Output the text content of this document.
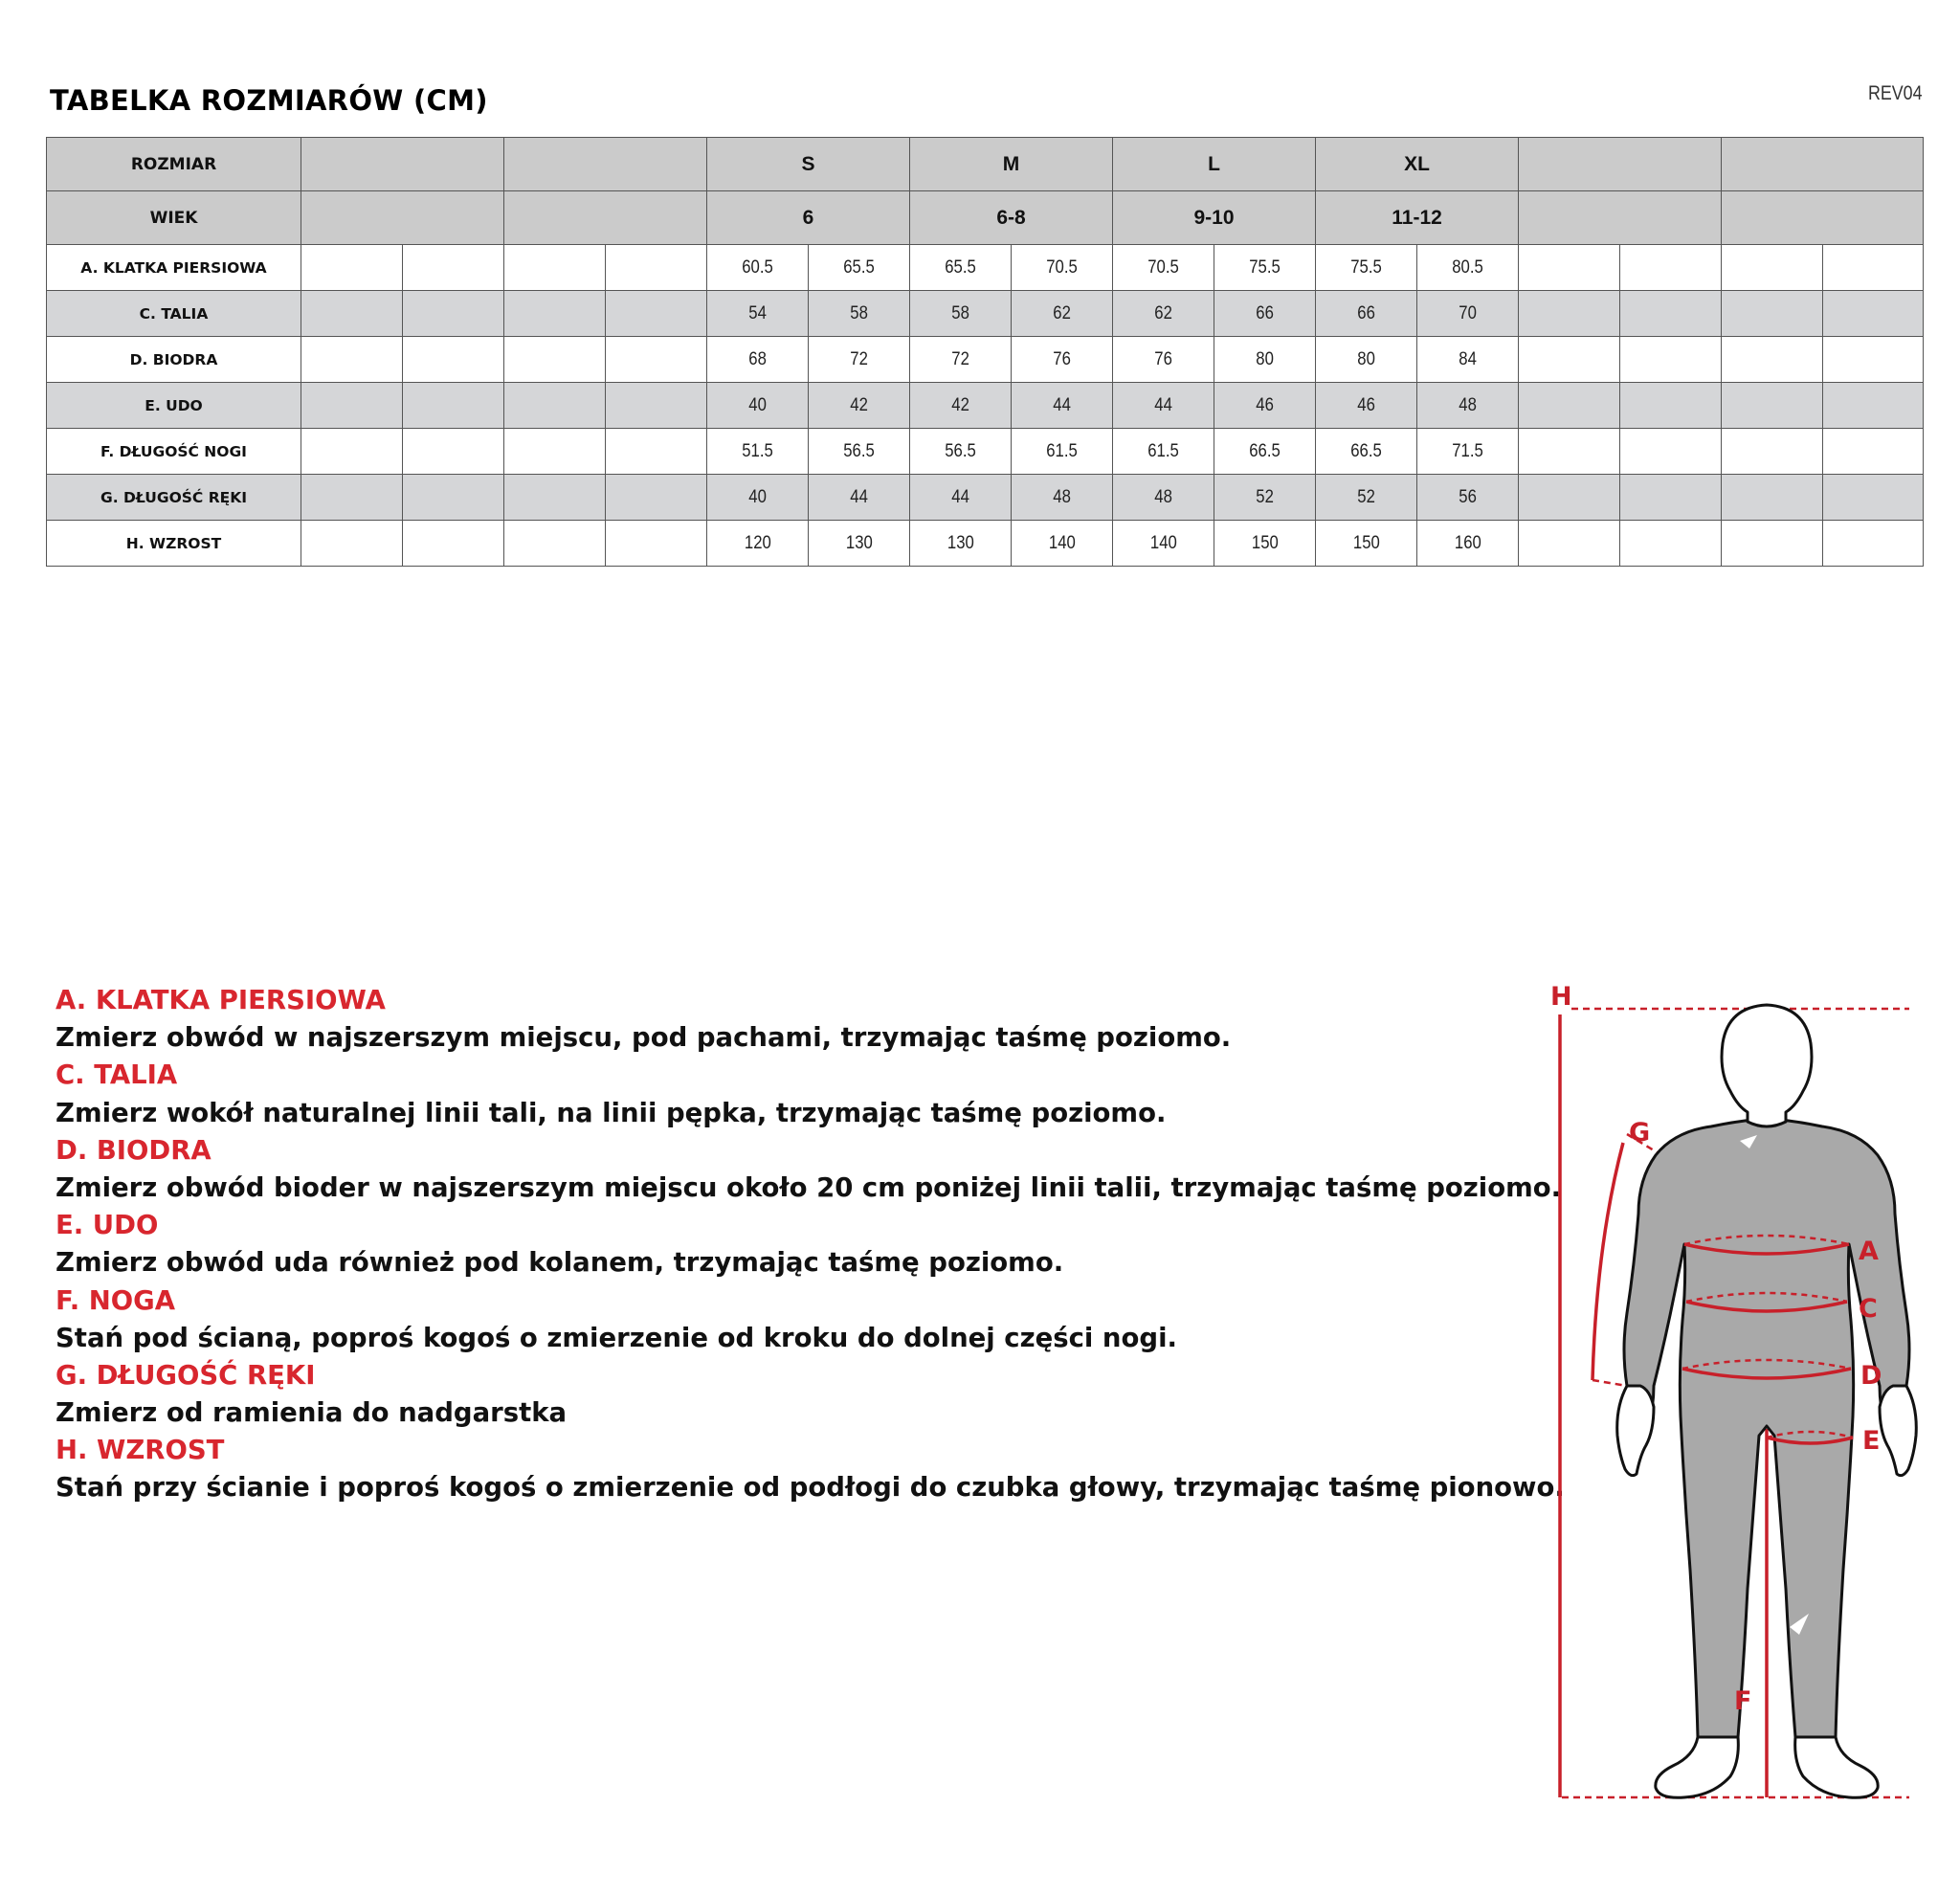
TABELKA ROZMIARÓW (CM)	REV04
ROZMIAR					S		M		L		XL					
WIEK					6		6-8		9-10		11-12					
A. KLATKA PIERSIOWA					60.5	65.5	65.5	70.5	70.5	75.5	75.5	80.5				
C. TALIA					54	58	58	62	62	66	66	70				
D. BIODRA					68	72	72	76	76	80	80	84				
E. UDO					40	42	42	44	44	46	46	48				
F. DŁUGOŚĆ NOGI					51.5	56.5	56.5	61.5	61.5	66.5	66.5	71.5				
G. DŁUGOŚĆ RĘKI					40	44	44	48	48	52	52	56				
H. WZROST					120	130	130	140	140	150	150	160				
A. KLATKA PIERSIOWA
Zmierz obwód w najszerszym miejscu, pod pachami, trzymając taśmę poziomo.
C. TALIA
Zmierz wokół naturalnej linii tali, na linii pępka, trzymając taśmę poziomo.
D. BIODRA
Zmierz obwód bioder w najszerszym miejscu około 20 cm poniżej linii talii, trzymając taśmę poziomo.
E. UDO
Zmierz obwód uda również pod kolanem, trzymając taśmę poziomo.
F. NOGA
Stań pod ścianą, poproś kogoś o zmierzenie od kroku do dolnej części nogi.
G. DŁUGOŚĆ RĘKI
Zmierz od ramienia do nadgarstka
H. WZROST
Stań przy ścianie i poproś kogoś o zmierzenie od podłogi do czubka głowy, trzymając taśmę pionowo.
H
G
A
C
D
E
F
